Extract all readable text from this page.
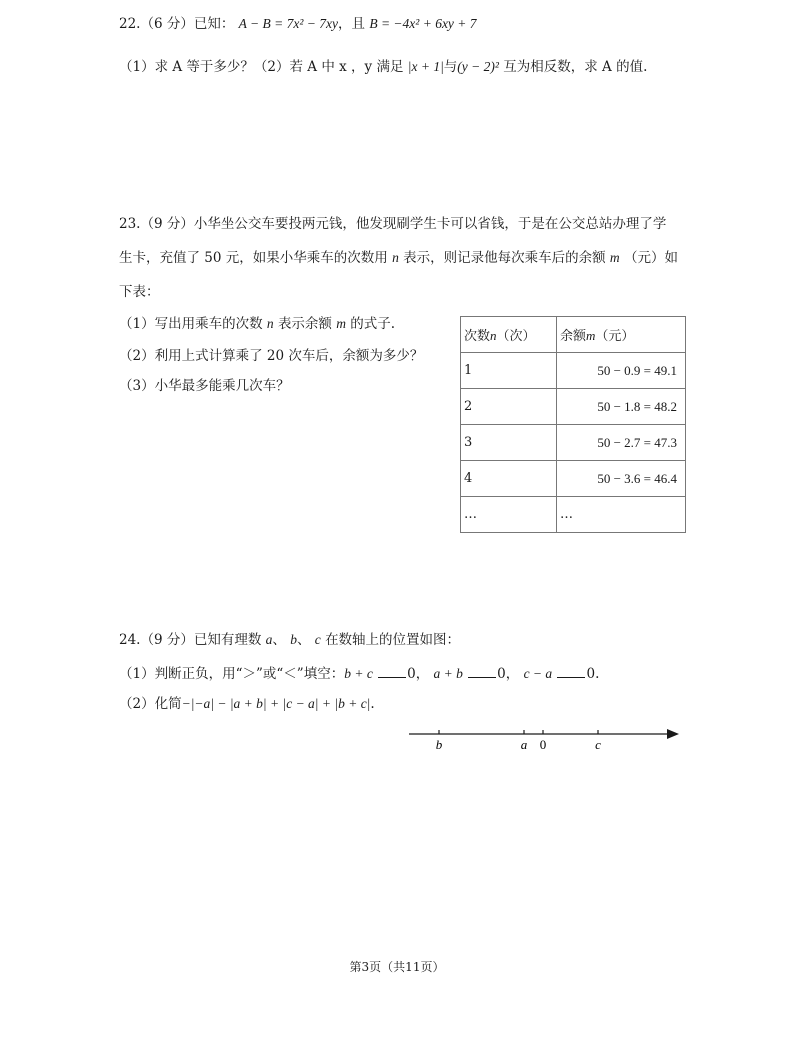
22.（6 分）已知： A − B = 7x² − 7xy，且 B = −4x² + 6xy + 7
（1）求 A 等于多少？（2）若 A 中 x ，y 满足 |x + 1|与(y − 2)² 互为相反数，求 A 的值.
23.（9 分）小华坐公交车要投两元钱，他发现刷学生卡可以省钱，于是在公交总站办理了学
生卡，充值了 50 元，如果小华乘车的次数用 n 表示，则记录他每次乘车后的余额 m （元）如
下表：
（1）写出用乘车的次数 n 表示余额 m 的式子.
（2）利用上式计算乘了 20 次车后，余额为多少？
（3）小华最多能乘几次车？
次数n（次）	余额m（元）
1	50 − 0.9 = 49.1
2	50 − 1.8 = 48.2
3	50 − 2.7 = 47.3
4	50 − 3.6 = 46.4
…	…
24.（9 分）已知有理数 a、 b、 c 在数轴上的位置如图：
（1）判断正负，用“＞”或“＜”填空：b + c	0， a + b	0， c − a	0.
（2）化简−|−a| − |a + b| + |c − a| + |b + c|.
b	a 0	c
第3页（共11页）
